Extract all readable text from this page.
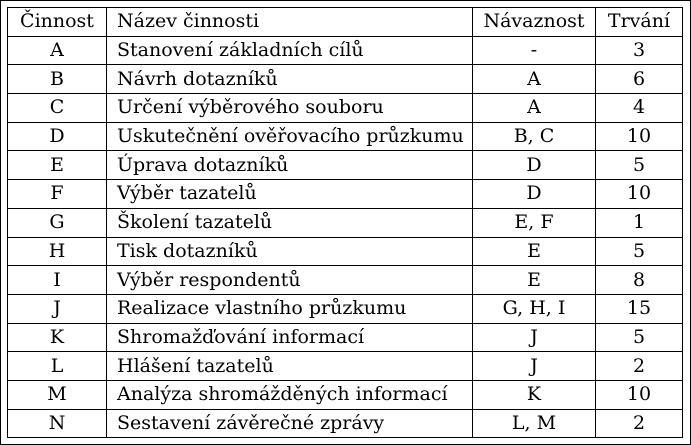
Činnost	Název činnosti	Návaznost	Trvání
A	Stanovení základních cílů	-	3
B	Návrh dotazníků	A	6
C	Určení výběrového souboru	A	4
D	Uskutečnění ověřovacího průzkumu	B, C	10
E	Úprava dotazníků	D	5
F	Výběr tazatelů	D	10
G	Školení tazatelů	E, F	1
H	Tisk dotazníků	E	5
I	Výběr respondentů	E	8
J	Realizace vlastního průzkumu	G, H, I	15
K	Shromažďování informací	J	5
L	Hlášení tazatelů	J	2
M	Analýza shromážděných informací	K	10
N	Sestavení závěrečné zprávy	L, M	2
